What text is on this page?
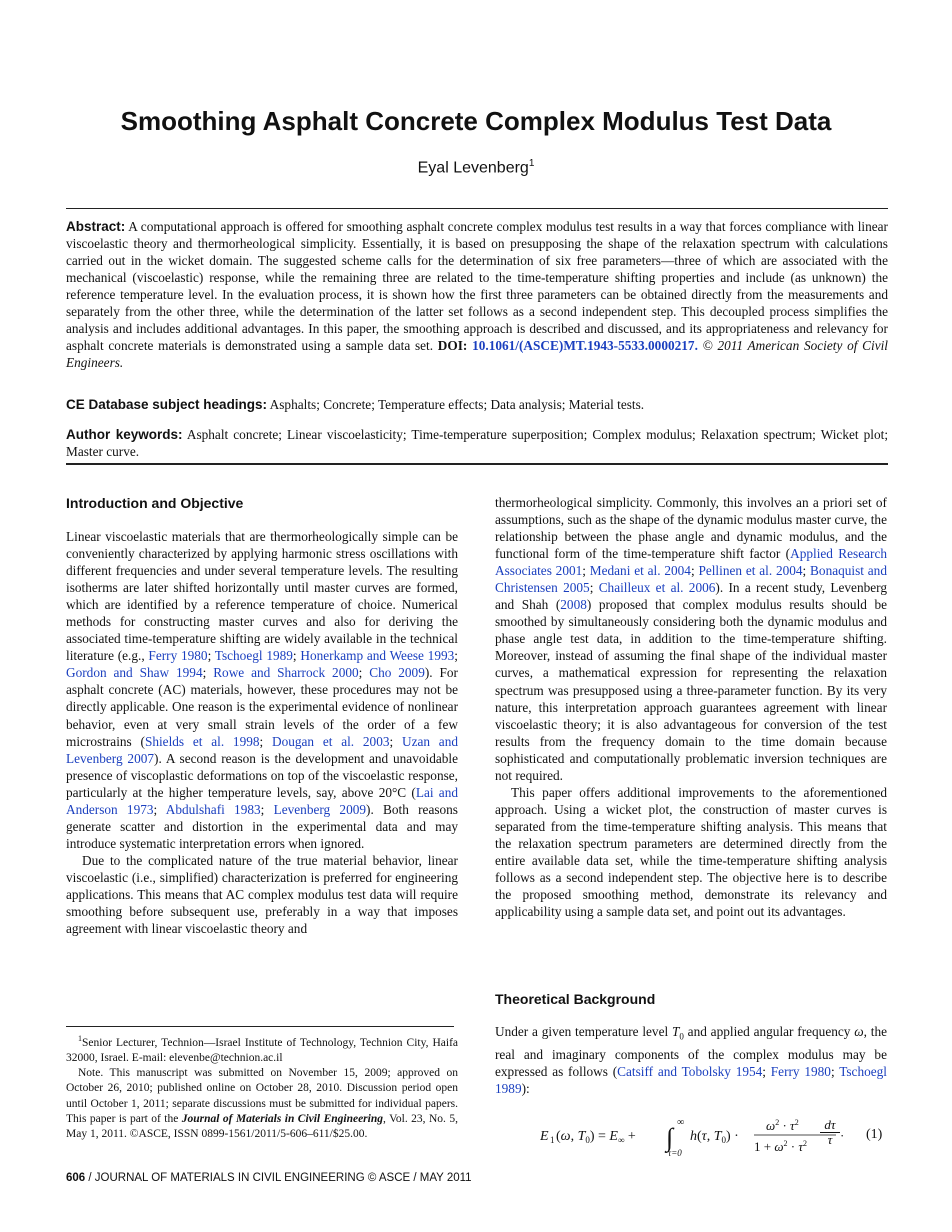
Smoothing Asphalt Concrete Complex Modulus Test Data
Eyal Levenberg$^1$
Abstract: A computational approach is offered for smoothing asphalt concrete complex modulus test results in a way that forces compliance with linear viscoelastic theory and thermorheological simplicity. Essentially, it is based on presupposing the shape of the relaxation spectrum with calculations carried out in the wicket domain. The suggested scheme calls for the determination of six free parameters—three of which are associated with the mechanical (viscoelastic) response, while the remaining three are related to the time-temperature shifting properties and include (as unknown) the reference temperature level. In the evaluation process, it is shown how the first three parameters can be obtained directly from the measurements and separately from the other three, while the determination of the latter set follows as a second independent step. This decoupled process simplifies the analysis and includes additional advantages. In this paper, the smoothing approach is described and discussed, and its appropriateness and relevancy for asphalt concrete materials is demonstrated using a sample data set. DOI: 10.1061/(ASCE)MT.1943-5533.0000217. © 2011 American Society of Civil Engineers.
CE Database subject headings: Asphalts; Concrete; Temperature effects; Data analysis; Material tests.
Author keywords: Asphalt concrete; Linear viscoelasticity; Time-temperature superposition; Complex modulus; Relaxation spectrum; Wicket plot; Master curve.
Introduction and Objective

Linear viscoelastic materials that are thermorheologically simple can be conveniently characterized by applying harmonic stress oscillations with different frequencies and under several temperature levels. The resulting isotherms are later shifted horizontally until master curves are formed, which are identified by a reference temperature of choice. Numerical methods for constructing master curves and also for deriving the associated time-temperature shifting are widely available in the technical literature (e.g., Ferry 1980; Tschoegl 1989; Honerkamp and Weese 1993; Gordon and Shaw 1994; Rowe and Sharrock 2000; Cho 2009). For asphalt concrete (AC) materials, however, these procedures may not be directly applicable. One reason is the experimental evidence of nonlinear behavior, even at very small strain levels of the order of a few microstrains (Shields et al. 1998; Dougan et al. 2003; Uzan and Levenberg 2007). A second reason is the development and unavoidable presence of viscoplastic deformations on top of the viscoelastic response, particularly at the higher temperature levels, say, above 20°C (Lai and Anderson 1973; Abdulshafi 1983; Levenberg 2009). Both reasons generate scatter and distortion in the experimental data and may introduce systematic interpretation errors when ignored.

Due to the complicated nature of the true material behavior, linear viscoelastic (i.e., simplified) characterization is preferred for engineering applications. This means that AC complex modulus test data will require smoothing before subsequent use, preferably in a way that imposes agreement with linear viscoelastic theory and

$^1$Senior Lecturer, Technion—Israel Institute of Technology, Technion City, Haifa 32000, Israel. E-mail: elevenbe@technion.ac.il

Note. This manuscript was submitted on November 15, 2009; approved on October 26, 2010; published online on October 28, 2010. Discussion period open until October 1, 2011; separate discussions must be submitted for individual papers. This paper is part of the Journal of Materials in Civil Engineering, Vol. 23, No. 5, May 1, 2011. ©ASCE, ISSN 0899-1561/2011/5-606–611/$25.00.

thermorheological simplicity. Commonly, this involves an a priori set of assumptions, such as the shape of the dynamic modulus master curve, the relationship between the phase angle and dynamic modulus, and the functional form of the time-temperature shift factor (Applied Research Associates 2001; Medani et al. 2004; Pellinen et al. 2004; Bonaquist and Christensen 2005; Chailleux et al. 2006). In a recent study, Levenberg and Shah (2008) proposed that complex modulus results should be smoothed by simultaneously considering both the dynamic modulus and phase angle test data, in addition to the time-temperature shifting. Moreover, instead of assuming the final shape of the individual master curves, a mathematical expression for representing the relaxation spectrum was presupposed using a three-parameter function. By its very nature, this interpretation approach guarantees agreement with linear viscoelastic theory; it is also advantageous for conversion of the test results from the frequency domain to the time domain because sophisticated and computationally problematic inversion techniques are not required.

This paper offers additional improvements to the aforementioned approach. Using a wicket plot, the construction of master curves is separated from the time-temperature shifting analysis. This means that the relaxation spectrum parameters are determined directly from the entire available data set, while the time-temperature shifting analysis follows as a second independent step. The objective here is to describe the proposed smoothing method, demonstrate its relevancy and applicability using a sample data set, and point out its advantages.

Theoretical Background

Under a given temperature level $T_0$ and applied angular frequency ω, the real and imaginary components of the complex modulus may be expressed as follows (Catsiff and Tobolsky 1954; Ferry 1980; Tschoegl 1989):

E 1 (ω, $T_0) = E_\infty$ + ∫
∞
τ=0
h(τ, $T_0$) ·
$\omega^2 \cdot \tau^2$
$1 + \omega^2 \cdot \tau^2$
·
$\frac{d\tau}{\tau} (1)$
606 / JOURNAL OF MATERIALS IN CIVIL ENGINEERING © ASCE / MAY 2011
